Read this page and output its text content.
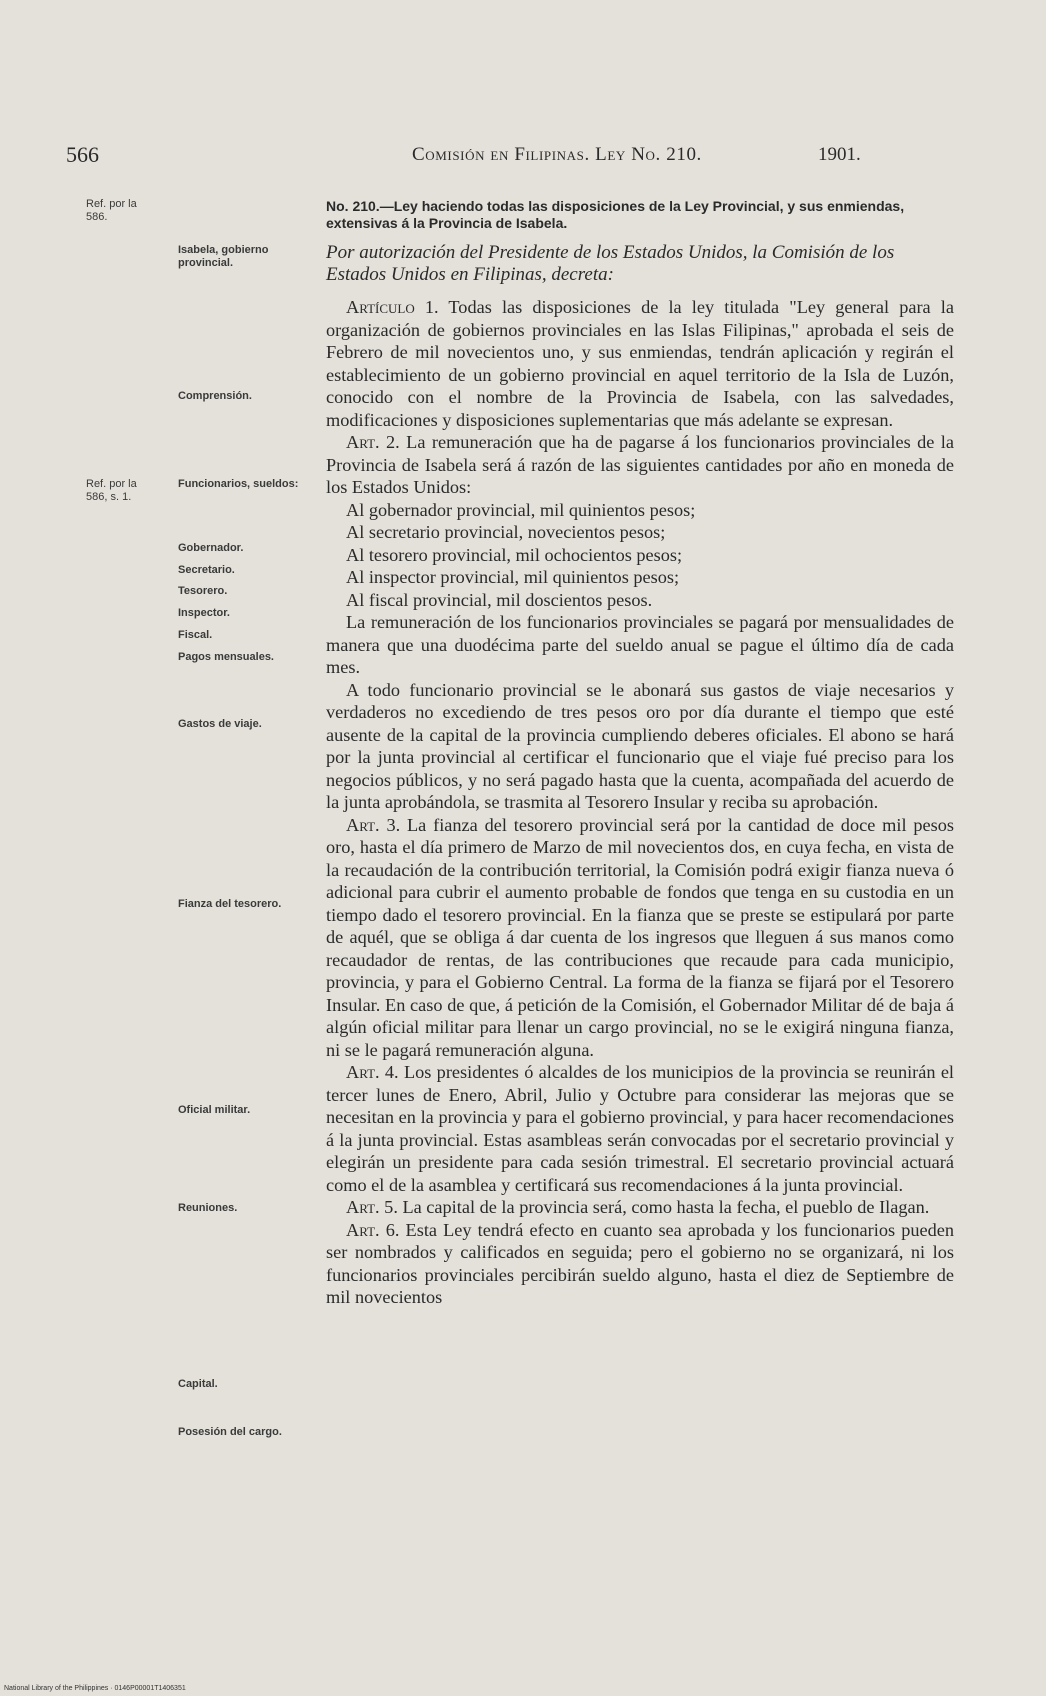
566	Comisión en Filipinas. Ley No. 210.	1901.
Ref. por la 586.
Ref. por la 586, s. 1.
Isabela, gobierno provincial.
Comprensión.
Funcionarios, sueldos:
Gobernador.
Secretario.
Tesorero.
Inspector.
Fiscal.
Pagos mensuales.
Gastos de viaje.
Fianza del tesorero.
Oficial militar.
Reuniones.
Capital.
Posesión del cargo.
No. 210.—Ley haciendo todas las disposiciones de la Ley Provincial, y sus enmiendas, extensivas á la Provincia de Isabela.
Por autorización del Presidente de los Estados Unidos, la Comisión de los Estados Unidos en Filipinas, decreta:

Artículo 1. Todas las disposiciones de la ley titulada "Ley general para la organización de gobiernos provinciales en las Islas Filipinas," aprobada el seis de Febrero de mil novecientos uno, y sus enmiendas, tendrán aplicación y regirán el establecimiento de un gobierno provincial en aquel territorio de la Isla de Luzón, conocido con el nombre de la Provincia de Isabela, con las salvedades, modificaciones y disposiciones suplementarias que más adelante se expresan.

Art. 2. La remuneración que ha de pagarse á los funcionarios provinciales de la Provincia de Isabela será á razón de las siguientes cantidades por año en moneda de los Estados Unidos:

Al gobernador provincial, mil quinientos pesos;

Al secretario provincial, novecientos pesos;

Al tesorero provincial, mil ochocientos pesos;

Al inspector provincial, mil quinientos pesos;

Al fiscal provincial, mil doscientos pesos.

La remuneración de los funcionarios provinciales se pagará por mensualidades de manera que una duodécima parte del sueldo anual se pague el último día de cada mes.

A todo funcionario provincial se le abonará sus gastos de viaje necesarios y verdaderos no excediendo de tres pesos oro por día durante el tiempo que esté ausente de la capital de la provincia cumpliendo deberes oficiales. El abono se hará por la junta provincial al certificar el funcionario que el viaje fué preciso para los negocios públicos, y no será pagado hasta que la cuenta, acompañada del acuerdo de la junta aprobándola, se trasmita al Tesorero Insular y reciba su aprobación.

Art. 3. La fianza del tesorero provincial será por la cantidad de doce mil pesos oro, hasta el día primero de Marzo de mil novecientos dos, en cuya fecha, en vista de la recaudación de la contribución territorial, la Comisión podrá exigir fianza nueva ó adicional para cubrir el aumento probable de fondos que tenga en su custodia en un tiempo dado el tesorero provincial. En la fianza que se preste se estipulará por parte de aquél, que se obliga á dar cuenta de los ingresos que lleguen á sus manos como recaudador de rentas, de las contribuciones que recaude para cada municipio, provincia, y para el Gobierno Central. La forma de la fianza se fijará por el Tesorero Insular. En caso de que, á petición de la Comisión, el Gobernador Militar dé de baja á algún oficial militar para llenar un cargo provincial, no se le exigirá ninguna fianza, ni se le pagará remuneración alguna.

Art. 4. Los presidentes ó alcaldes de los municipios de la provincia se reunirán el tercer lunes de Enero, Abril, Julio y Octubre para considerar las mejoras que se necesitan en la provincia y para el gobierno provincial, y para hacer recomendaciones á la junta provincial. Estas asambleas serán convocadas por el secretario provincial y elegirán un presidente para cada sesión trimestral. El secretario provincial actuará como el de la asamblea y certificará sus recomendaciones á la junta provincial.

Art. 5. La capital de la provincia será, como hasta la fecha, el pueblo de Ilagan.

Art. 6. Esta Ley tendrá efecto en cuanto sea aprobada y los funcionarios pueden ser nombrados y calificados en seguida; pero el gobierno no se organizará, ni los funcionarios provinciales percibirán sueldo alguno, hasta el diez de Septiembre de mil novecientos

National Library of the Philippines · 0146P00001T1406351
